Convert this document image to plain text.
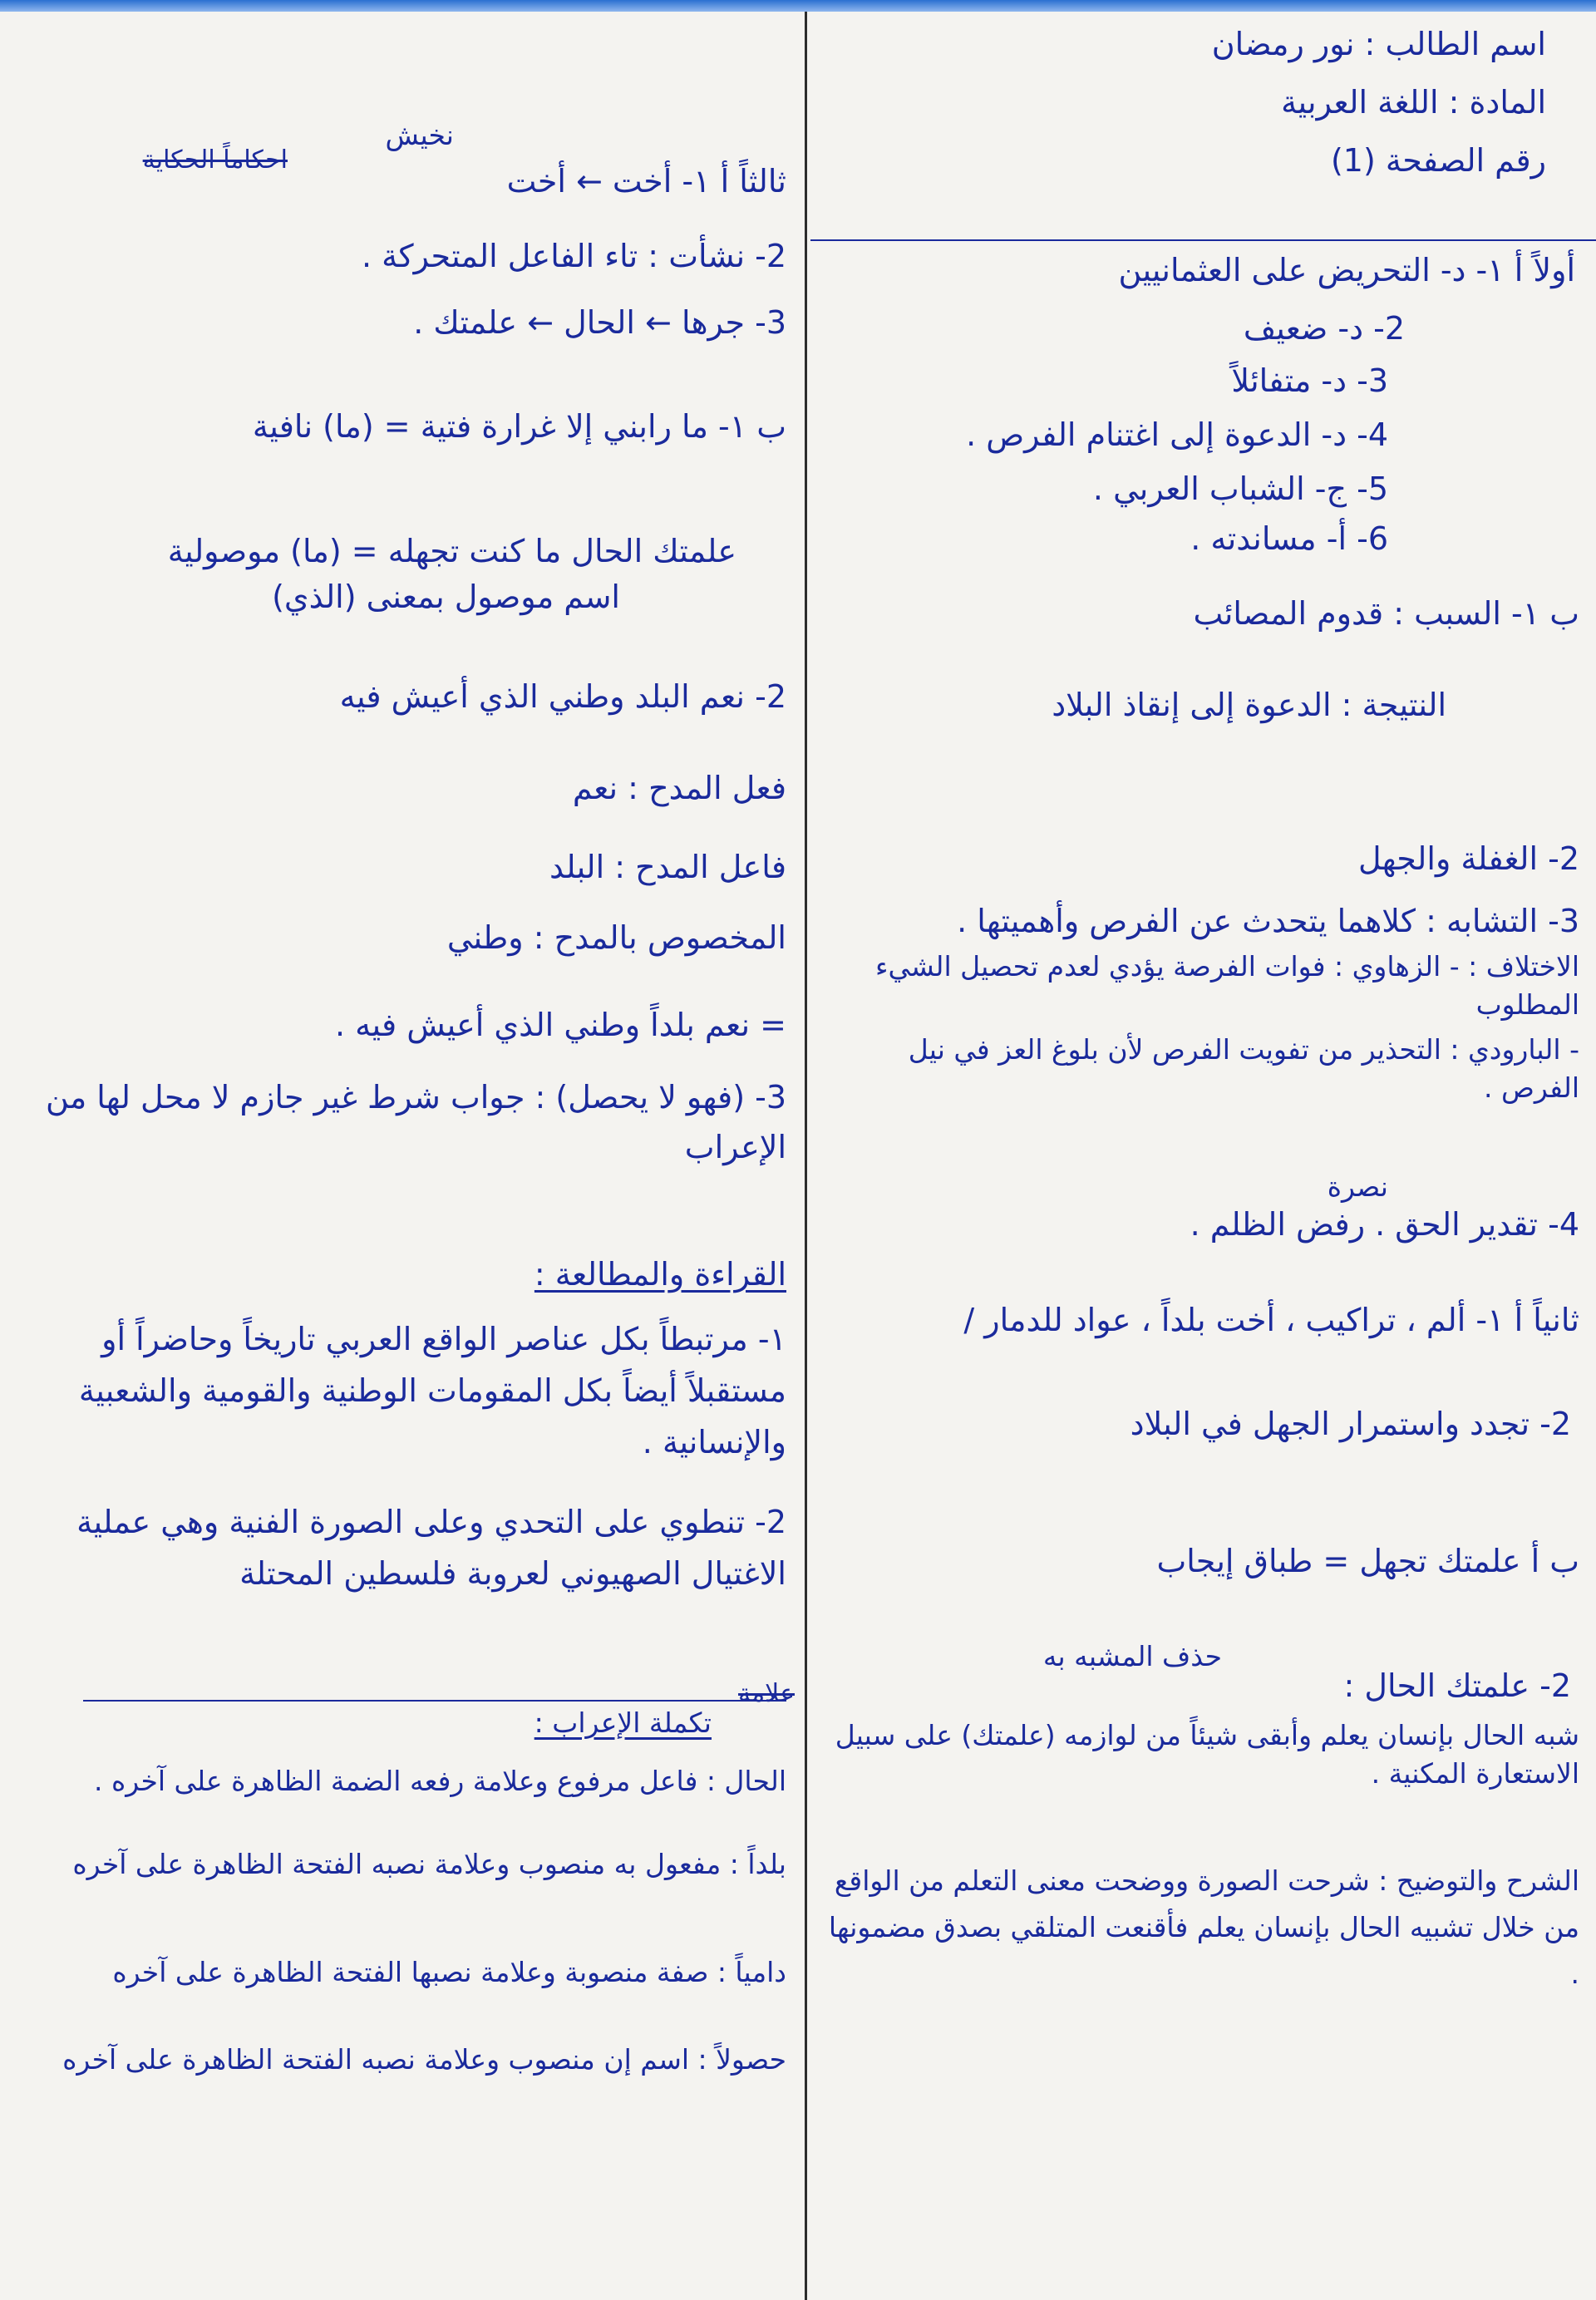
اسم الطالب : نور رمضان
المادة : اللغة العربية
رقم الصفحة (1)
أولاً أ ١- د- التحريض على العثمانيين
2- د- ضعيف
3- د- متفائلاً
4- د- الدعوة إلى اغتنام الفرص .
5- ج- الشباب العربي .
6- أ- مساندته .
ب ١- السبب : قدوم المصائب
النتيجة : الدعوة إلى إنقاذ البلاد
2- الغفلة والجهل
3- التشابه : كلاهما يتحدث عن الفرص وأهميتها .
الاختلاف : - الزهاوي : فوات الفرصة يؤدي لعدم تحصيل الشيء المطلوب
- البارودي : التحذير من تفويت الفرص لأن بلوغ العز في نيل الفرص .
نصرة
4- تقدير الحق . رفض الظلم .
ثانياً أ ١- ألم ، تراكيب ، أخت بلداً ، عواد للدمار /
2- تجدد واستمرار الجهل في البلاد
ب أ علمتك تجهل = طباق إيجاب
حذف المشبه به
2- علمتك الحال :
شبه الحال بإنسان يعلم وأبقى شيئاً من لوازمه (علمتك) على سبيل الاستعارة المكنية .
الشرح والتوضيح : شرحت الصورة ووضحت معنى التعلم من الواقع من خلال تشبيه الحال بإنسان يعلم فأقنعت المتلقي بصدق مضمونها .
نخيش
احكاماً الحكاية
ثالثاً أ ١- أخت ← أخت
2- نشأت : تاء الفاعل المتحركة .
3- جرها ← الحال ← علمتك .
ب ١- ما رابني إلا غرارة فتية = (ما) نافية
علمتك الحال ما كنت تجهله = (ما) موصولية
اسم موصول بمعنى (الذي)
2- نعم البلد وطني الذي أعيش فيه
فعل المدح : نعم
فاعل المدح : البلد
المخصوص بالمدح : وطني
= نعم بلداً وطني الذي أعيش فيه .
3- (فهو لا يحصل) : جواب شرط غير جازم لا محل لها من الإعراب
القراءة والمطالعة :
١- مرتبطاً بكل عناصر الواقع العربي تاريخاً وحاضراً أو مستقبلاً أيضاً بكل المقومات الوطنية والقومية والشعبية والإنسانية .
2- تنطوي على التحدي وعلى الصورة الفنية وهي عملية الاغتيال الصهيوني لعروبة فلسطين المحتلة
علامة
تكملة الإعراب :
الحال : فاعل مرفوع وعلامة رفعه الضمة الظاهرة على آخره .
بلداً : مفعول به منصوب وعلامة نصبه الفتحة الظاهرة على آخره
دامياً : صفة منصوبة وعلامة نصبها الفتحة الظاهرة على آخره
حصولاً : اسم إن منصوب وعلامة نصبه الفتحة الظاهرة على آخره
